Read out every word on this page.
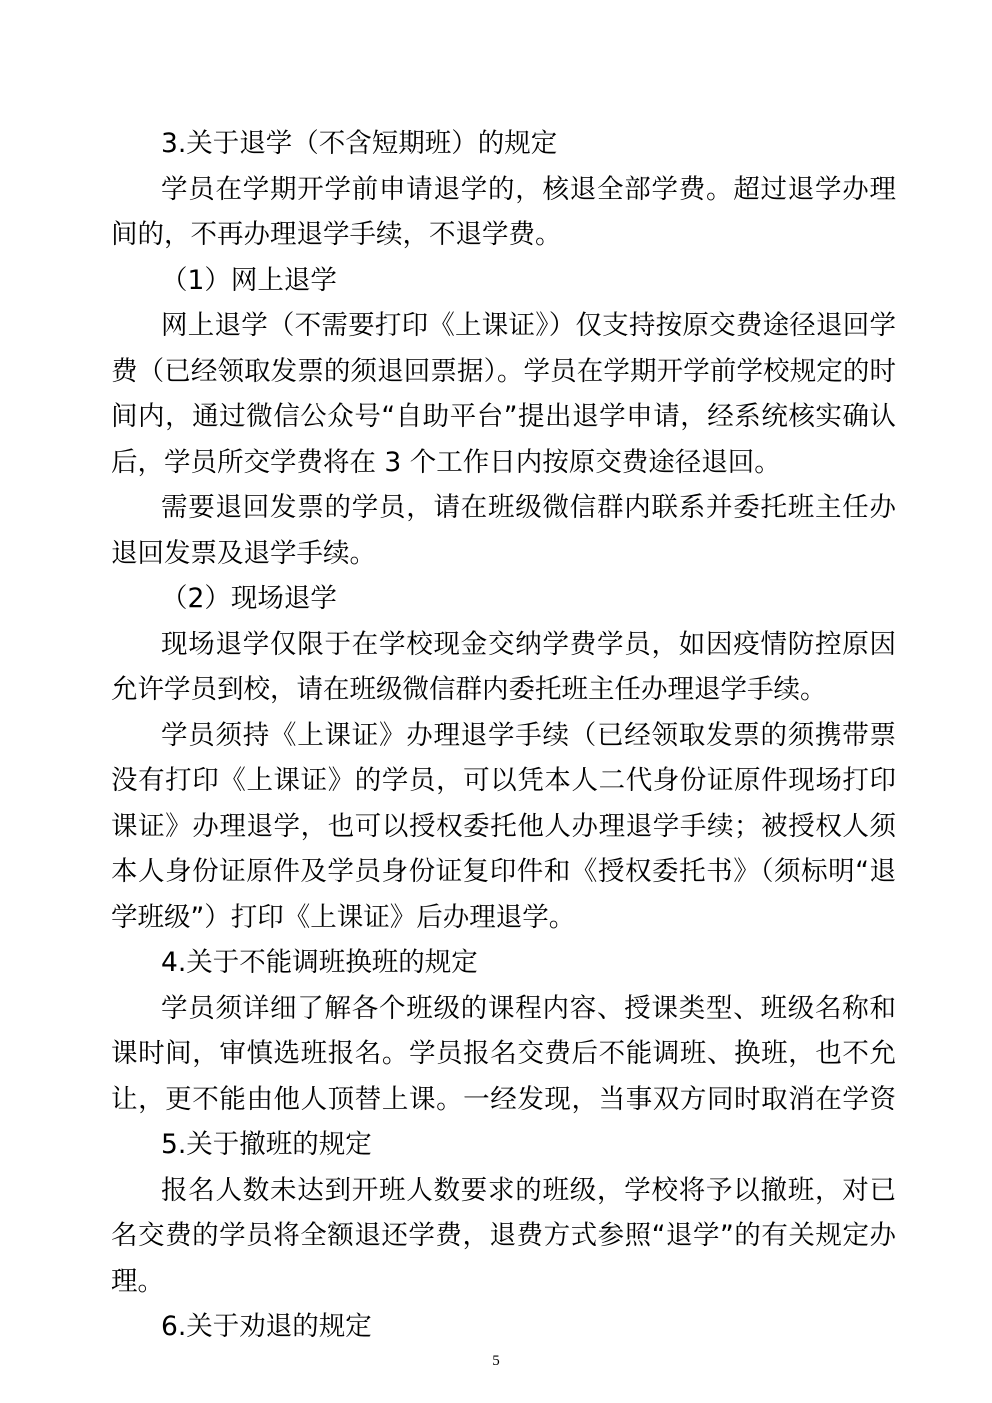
3.关于退学（不含短期班）的规定
学员在学期开学前申请退学的，核退全部学费。超过退学办理
间的，不再办理退学手续，不退学费。
（1）网上退学
网上退学（不需要打印《上课证》）仅支持按原交费途径退回学
费（已经领取发票的须退回票据）。学员在学期开学前学校规定的时
间内，通过微信公众号“自助平台”提出退学申请，经系统核实确认
后，学员所交学费将在 3 个工作日内按原交费途径退回。
需要退回发票的学员，请在班级微信群内联系并委托班主任办
退回发票及退学手续。
（2）现场退学
现场退学仅限于在学校现金交纳学费学员，如因疫情防控原因
允许学员到校，请在班级微信群内委托班主任办理退学手续。
学员须持《上课证》办理退学手续（已经领取发票的须携带票
没有打印《上课证》的学员，可以凭本人二代身份证原件现场打印
课证》办理退学，也可以授权委托他人办理退学手续；被授权人须
本人身份证原件及学员身份证复印件和《授权委托书》（须标明“退
学班级”）打印《上课证》后办理退学。
4.关于不能调班换班的规定
学员须详细了解各个班级的课程内容、授课类型、班级名称和
课时间，审慎选班报名。学员报名交费后不能调班、换班，也不允
让，更不能由他人顶替上课。一经发现，当事双方同时取消在学资
5.关于撤班的规定
报名人数未达到开班人数要求的班级，学校将予以撤班，对已
名交费的学员将全额退还学费，退费方式参照“退学”的有关规定办
理。
6.关于劝退的规定
5
